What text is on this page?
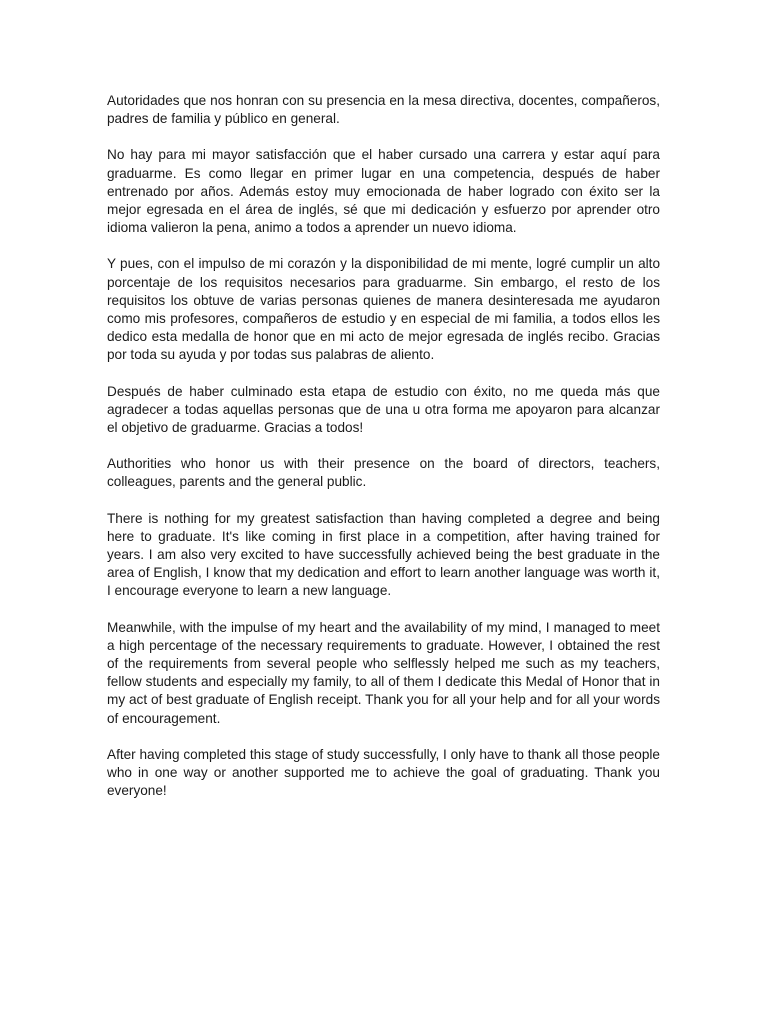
Autoridades que nos honran con su presencia en la mesa directiva, docentes, compañeros, padres de familia y público en general.

No hay para mi mayor satisfacción que el haber cursado una carrera y estar aquí para graduarme. Es como llegar en primer lugar en una competencia, después de haber entrenado por años. Además estoy muy emocionada de haber logrado con éxito ser la mejor egresada en el área de inglés, sé que mi dedicación y esfuerzo por aprender otro idioma valieron la pena, animo a todos a aprender un nuevo idioma.

Y pues, con el impulso de mi corazón y la disponibilidad de mi mente, logré cumplir un alto porcentaje de los requisitos necesarios para graduarme. Sin embargo, el resto de los requisitos los obtuve de varias personas quienes de manera desinteresada me ayudaron como mis profesores, compañeros de estudio y en especial de mi familia, a todos ellos les dedico esta medalla de honor que en mi acto de mejor egresada de inglés recibo. Gracias por toda su ayuda y por todas sus palabras de aliento.

Después de haber culminado esta etapa de estudio con éxito, no me queda más que agradecer a todas aquellas personas que de una u otra forma me apoyaron para alcanzar el objetivo de graduarme. Gracias a todos!

Authorities who honor us with their presence on the board of directors, teachers, colleagues, parents and the general public.

There is nothing for my greatest satisfaction than having completed a degree and being here to graduate. It's like coming in first place in a competition, after having trained for years. I am also very excited to have successfully achieved being the best graduate in the area of English, I know that my dedication and effort to learn another language was worth it, I encourage everyone to learn a new language.

Meanwhile, with the impulse of my heart and the availability of my mind, I managed to meet a high percentage of the necessary requirements to graduate. However, I obtained the rest of the requirements from several people who selflessly helped me such as my teachers, fellow students and especially my family, to all of them I dedicate this Medal of Honor that in my act of best graduate of English receipt. Thank you for all your help and for all your words of encouragement.

After having completed this stage of study successfully, I only have to thank all those people who in one way or another supported me to achieve the goal of graduating. Thank you everyone!
